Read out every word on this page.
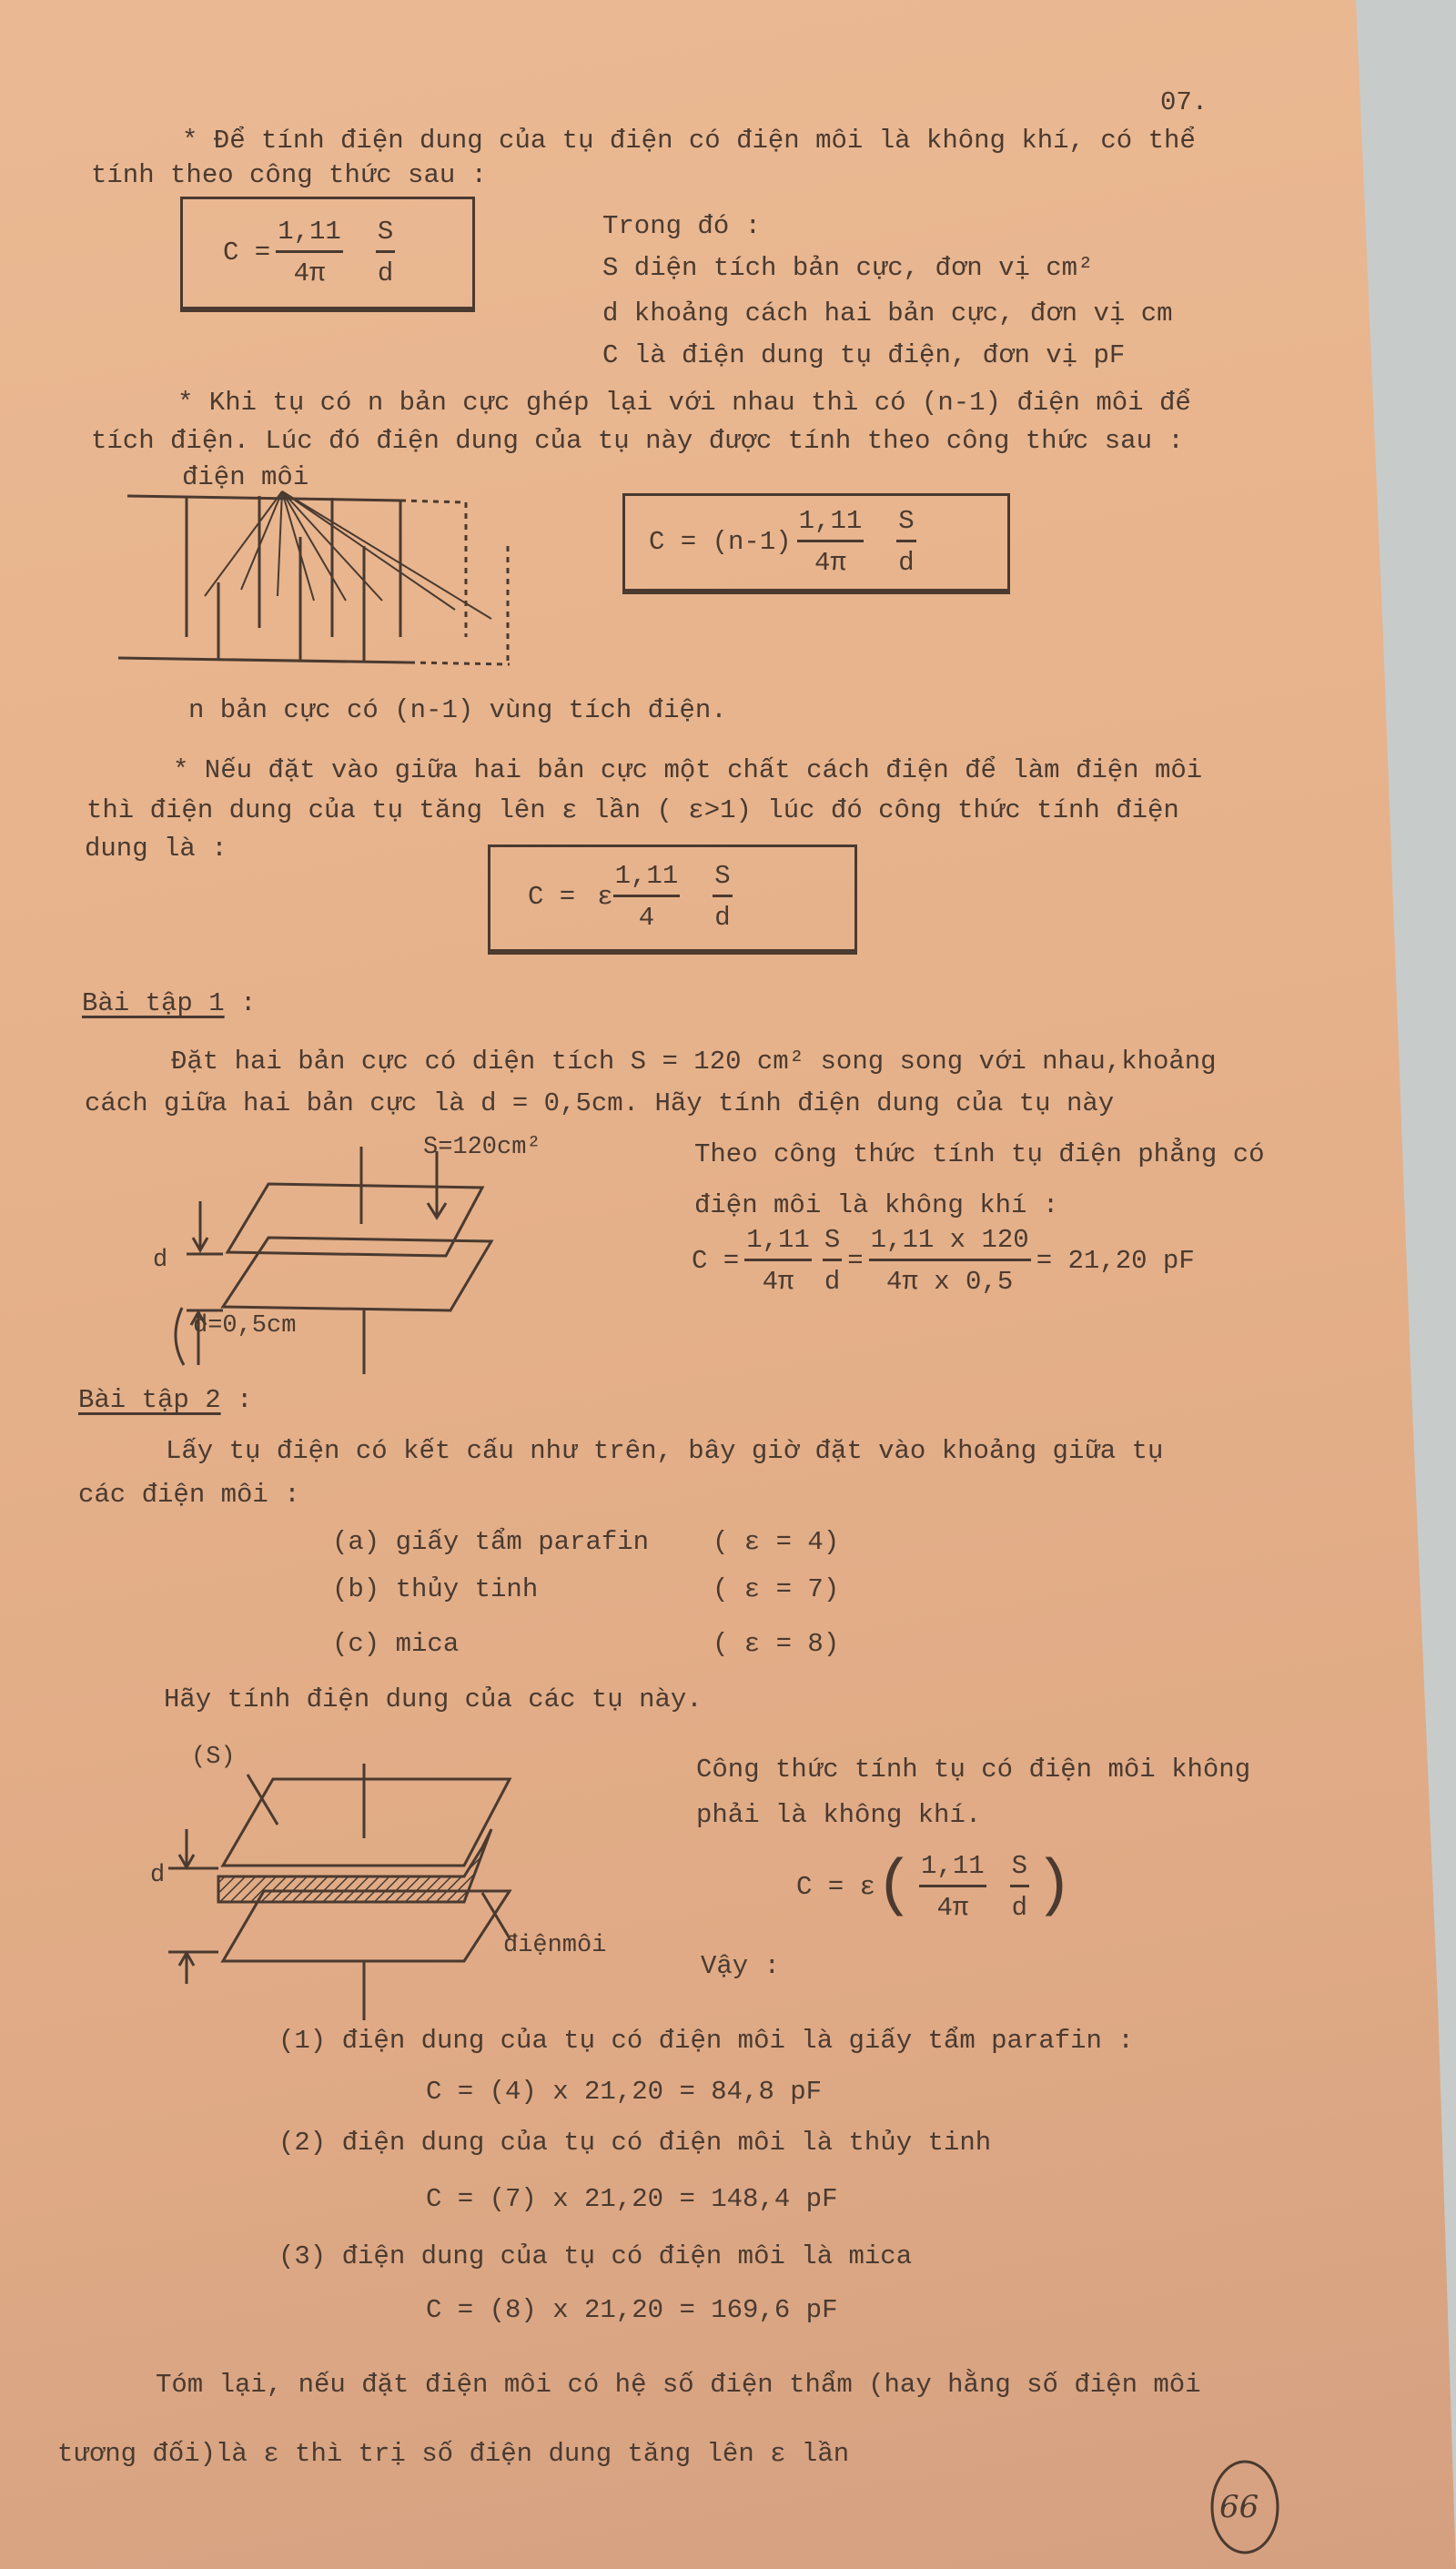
07.
* Để tính điện dung của tụ điện có điện môi là không khí, có thể
tính theo công thức sau :
$C = \frac{1,11}{4\pi} \frac{S}{d}$	Trong đó :
S diện tích bản cực, đơn vị cm²
d khoảng cách hai bản cực, đơn vị cm
C là điện dung tụ điện, đơn vị pF
* Khi tụ có n bản cực ghép lại với nhau thì có (n-1) điện môi để
tích điện. Lúc đó điện dung của tụ này được tính theo công thức sau :
điện môi
$C = (n-1) \frac{1,11}{4\pi} \frac{S}{d}$
n bản cực có (n-1) vùng tích điện.
* Nếu đặt vào giữa hai bản cực một chất cách điện để làm điện môi
thì điện dung của tụ tăng lên ε lần ( ε>1) lúc đó công thức tính điện
dung là :
C = ε $\frac{1,11}{4} \frac{S}{d}$
Bài tập 1 :
Đặt hai bản cực có diện tích S = 120 cm² song song với nhau,khoảng
cách giữa hai bản cực là d = 0,5cm. Hãy tính điện dung của tụ này
S=120cm²
d
d=0,5cm
Theo công thức tính tụ điện phẳng có
điện môi là không khí :
$C = \frac{1,11}{4\pi} \frac{S}{d} = \frac{1,11 x 120}{\text{4π x 0,5}} = 21,20$ pF
Bài tập 2 :
Lấy tụ điện có kết cấu như trên, bây giờ đặt vào khoảng giữa tụ
các điện môi :
(a) giấy tẩm parafin ( ε = 4)
(b) thủy tinh	( ε = 7)
(c) mica	( ε = 8)
Hãy tính điện dung của các tụ này.
(S)
d
điệnmôi
Công thức tính tụ có điện môi không
phải là không khí.
C = ε ( $\frac{1,11}{4\pi} \frac{S}{d}$ )
Vậy :
(1) điện dung của tụ có điện môi là giấy tẩm parafin :
C = (4) x 21,20 = 84,8 pF
(2) điện dung của tụ có điện môi là thủy tinh
C = (7) x 21,20 = 148,4 pF
(3) điện dung của tụ có điện môi là mica
C = (8) x 21,20 = 169,6 pF
Tóm lại, nếu đặt điện môi có hệ số điện thẩm (hay hằng số điện môi
tương đối)là ε thì trị số điện dung tăng lên ε lần
66
